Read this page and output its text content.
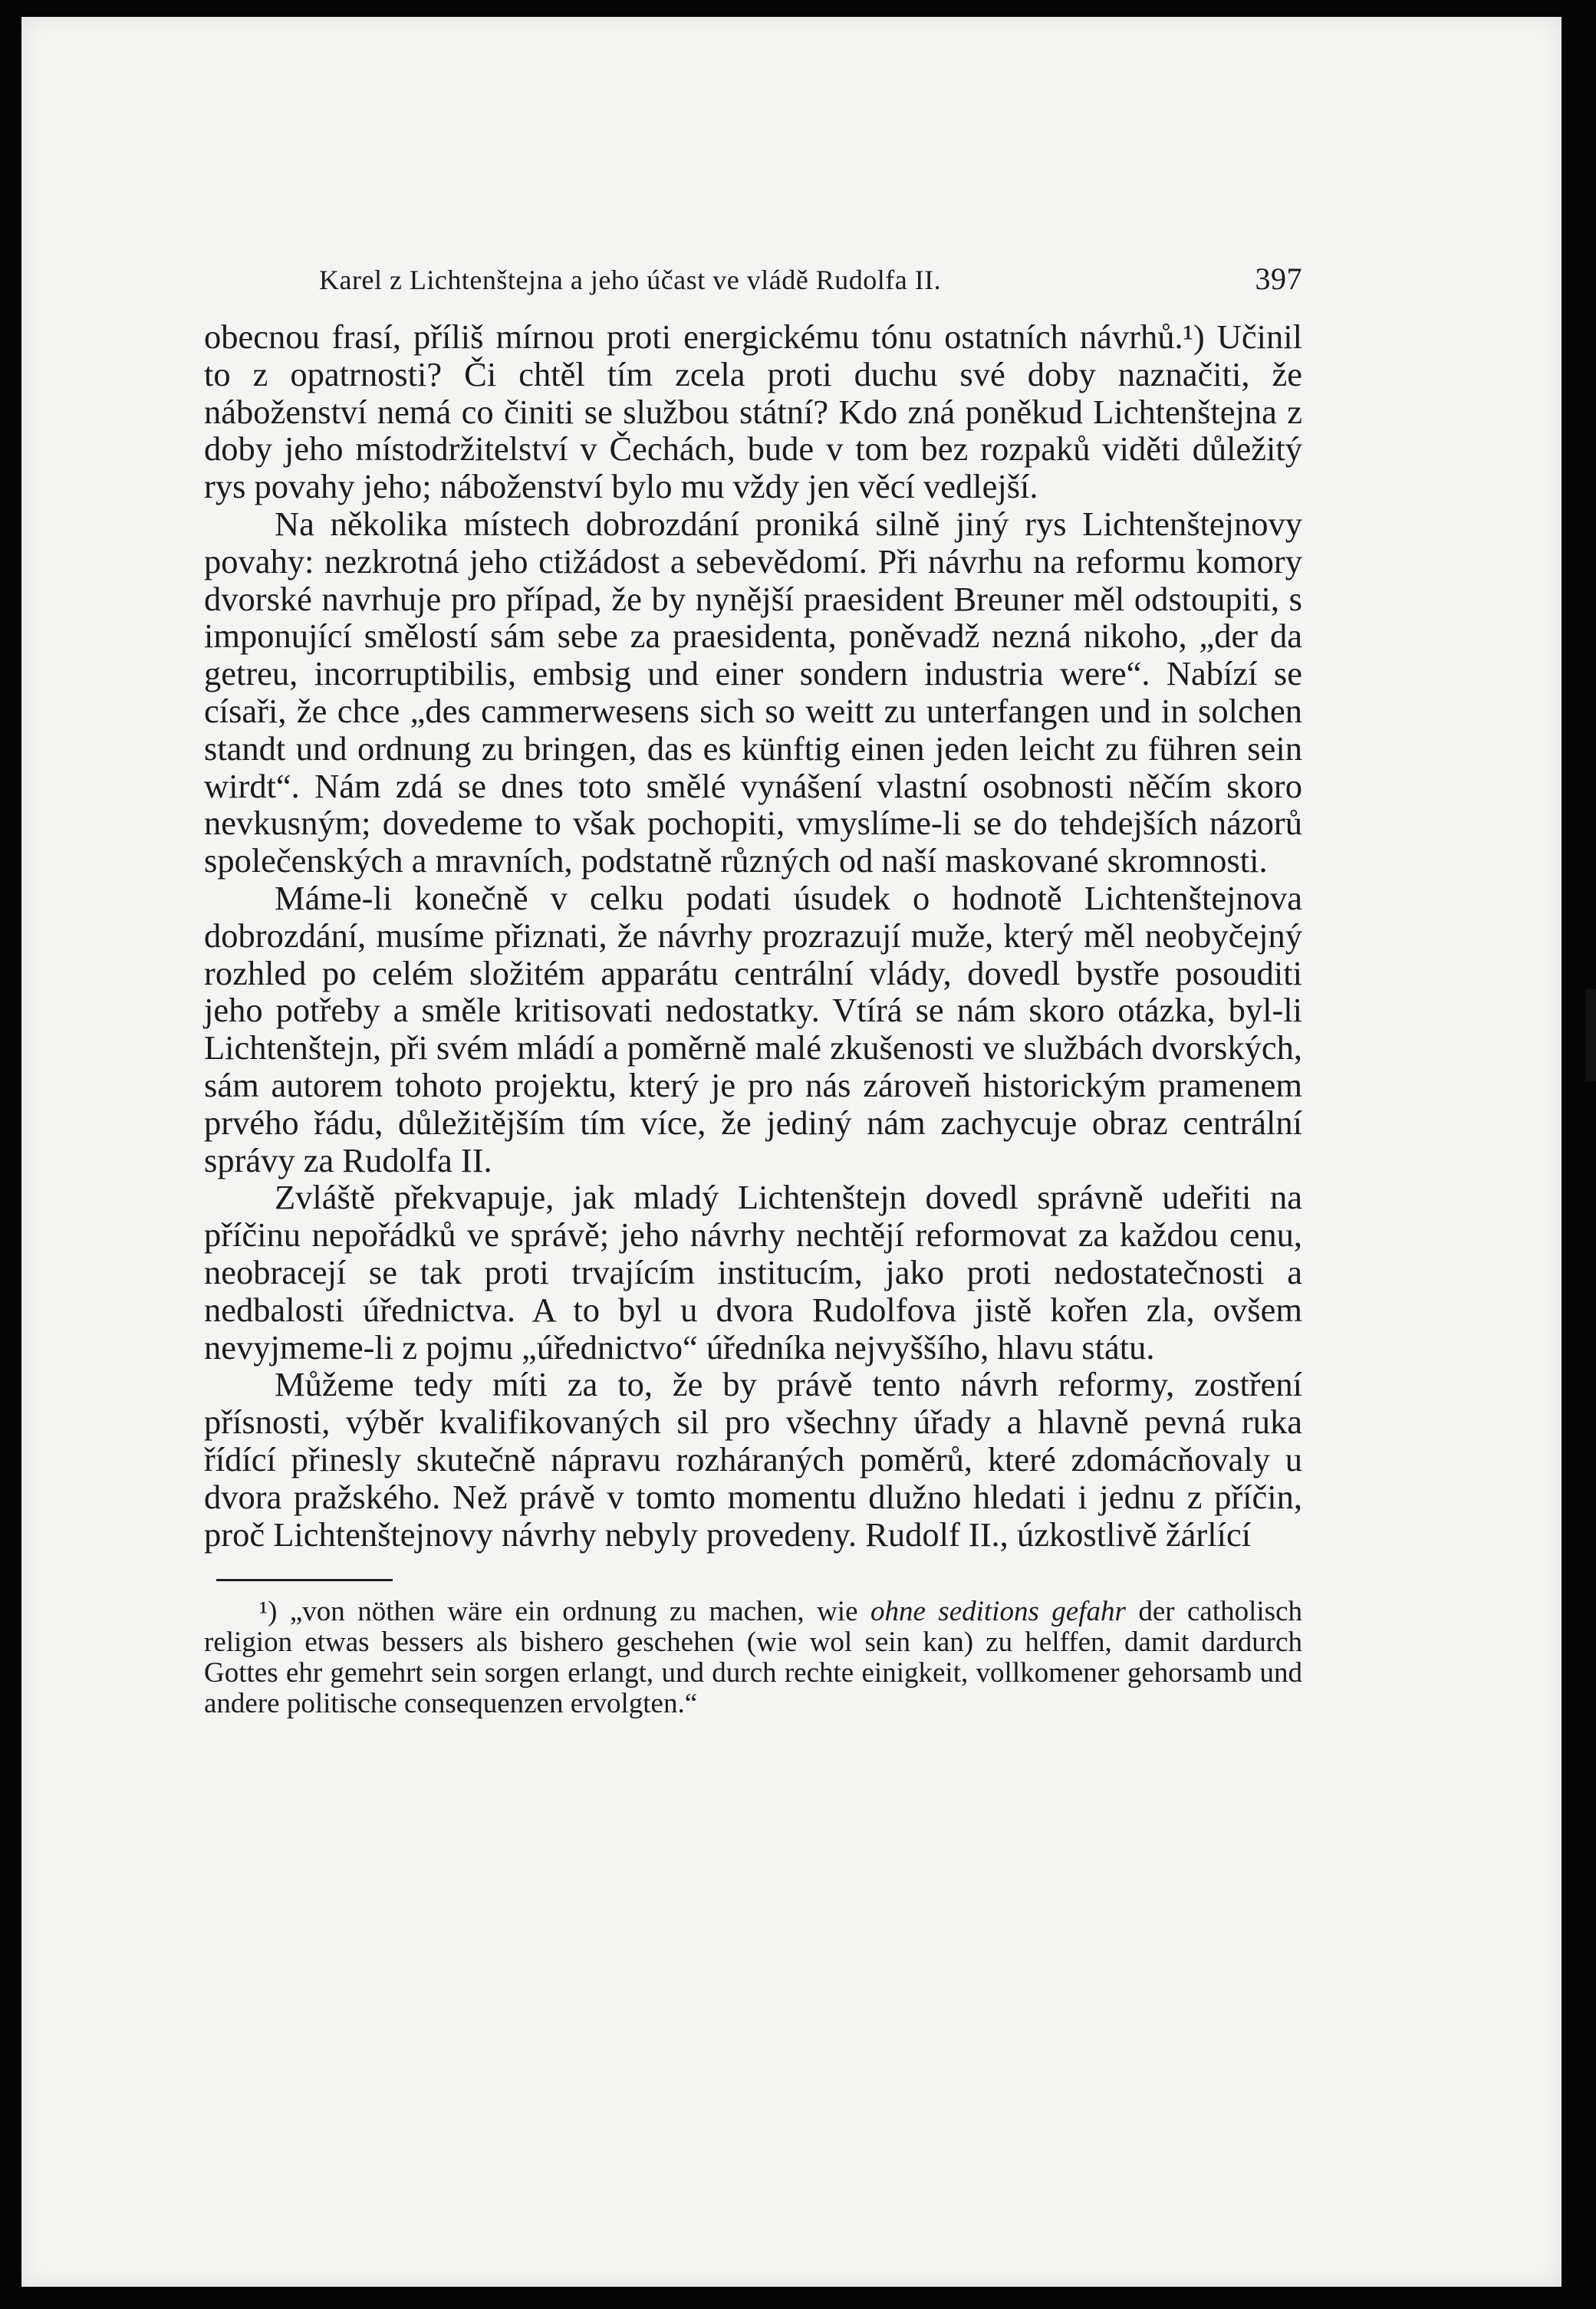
Karel z Lichtenštejna a jeho účast ve vládě Rudolfa II.	397

obecnou frasí, příliš mírnou proti energickému tónu ostatních návrhů.¹) Učinil to z opatrnosti? Či chtěl tím zcela proti duchu své doby naznačiti, že náboženství nemá co činiti se službou státní? Kdo zná poněkud Lichtenštejna z doby jeho místodržitelství v Čechách, bude v tom bez rozpaků viděti důležitý rys povahy jeho; náboženství bylo mu vždy jen věcí vedlejší.

Na několika místech dobrozdání proniká silně jiný rys Lichtenštejnovy povahy: nezkrotná jeho ctižádost a sebevědomí. Při návrhu na reformu komory dvorské navrhuje pro případ, že by nynější praesident Breuner měl odstoupiti, s imponující smělostí sám sebe za praesidenta, poněvadž nezná nikoho, „der da getreu, incorruptibilis, embsig und einer sondern industria were“. Nabízí se císaři, že chce „des cammerwesens sich so weitt zu unterfangen und in solchen standt und ordnung zu bringen, das es künftig einen jeden leicht zu führen sein wirdt“. Nám zdá se dnes toto smělé vynášení vlastní osobnosti něčím skoro nevkusným; dovedeme to však pochopiti, vmyslíme-li se do tehdejších názorů společenských a mravních, podstatně různých od naší maskované skromnosti.

Máme-li konečně v celku podati úsudek o hodnotě Lichtenštejnova dobrozdání, musíme přiznati, že návrhy prozrazují muže, který měl neobyčejný rozhled po celém složitém apparátu centrální vlády, dovedl bystře posouditi jeho potřeby a směle kritisovati nedostatky. Vtírá se nám skoro otázka, byl-li Lichtenštejn, při svém mládí a poměrně malé zkušenosti ve službách dvorských, sám autorem tohoto projektu, který je pro nás zároveň historickým pramenem prvého řádu, důležitějším tím více, že jediný nám zachycuje obraz centrální správy za Rudolfa II.

Zvláště překvapuje, jak mladý Lichtenštejn dovedl správně udeřiti na příčinu nepořádků ve správě; jeho návrhy nechtějí reformovat za každou cenu, neobracejí se tak proti trvajícím institucím, jako proti nedostatečnosti a nedbalosti úřednictva. A to byl u dvora Rudolfova jistě kořen zla, ovšem nevyjmeme-li z pojmu „úřednictvo“ úředníka nejvyššího, hlavu státu.

Můžeme tedy míti za to, že by právě tento návrh reformy, zostření přísnosti, výběr kvalifikovaných sil pro všechny úřady a hlavně pevná ruka řídící přinesly skutečně nápravu rozháraných poměrů, které zdomácňovaly u dvora pražského. Než právě v tomto momentu dlužno hledati i jednu z příčin, proč Lichtenštejnovy návrhy nebyly provedeny. Rudolf II., úzkostlivě žárlící

¹) „von nöthen wäre ein ordnung zu machen, wie ohne seditions gefahr der catholisch religion etwas bessers als bishero geschehen (wie wol sein kan) zu helffen, damit dardurch Gottes ehr gemehrt sein sorgen erlangt, und durch rechte einigkeit, vollkomener gehorsamb und andere politische consequenzen ervolgten.“
